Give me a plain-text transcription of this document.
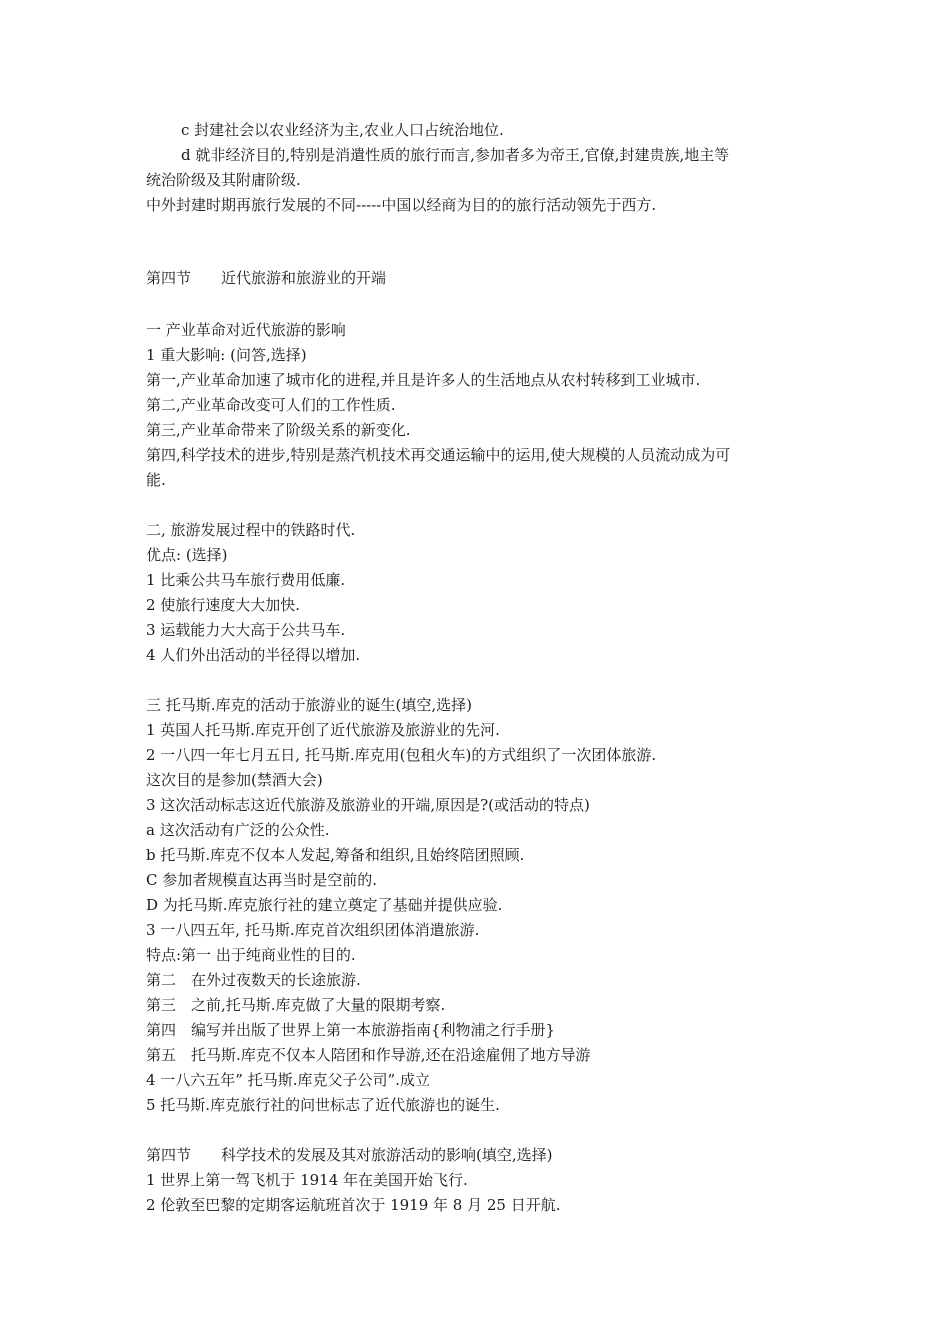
c 封建社会以农业经济为主,农业人口占统治地位.
d 就非经济目的,特别是消遣性质的旅行而言,参加者多为帝王,官僚,封建贵族,地主等
统治阶级及其附庸阶级.
中外封建时期再旅行发展的不同-----中国以经商为目的的旅行活动领先于西方.
第四节　　近代旅游和旅游业的开端
一 产业革命对近代旅游的影响
1 重大影响: (问答,选择)
第一,产业革命加速了城市化的进程,并且是许多人的生活地点从农村转移到工业城市.
第二,产业革命改变可人们的工作性质.
第三,产业革命带来了阶级关系的新变化.
第四,科学技术的进步,特别是蒸汽机技术再交通运输中的运用,使大规模的人员流动成为可
能.
二, 旅游发展过程中的铁路时代.
优点: (选择)
1 比乘公共马车旅行费用低廉.
2 使旅行速度大大加快.
3 运载能力大大高于公共马车.
4 人们外出活动的半径得以增加.
三 托马斯.库克的活动于旅游业的诞生(填空,选择)
1 英国人托马斯.库克开创了近代旅游及旅游业的先河.
2 一八四一年七月五日, 托马斯.库克用(包租火车)的方式组织了一次团体旅游.
这次目的是参加(禁酒大会)
3 这次活动标志这近代旅游及旅游业的开端,原因是?(或活动的特点)
a 这次活动有广泛的公众性.
b 托马斯.库克不仅本人发起,筹备和组织,且始终陪团照顾.
C 参加者规模直达再当时是空前的.
D 为托马斯.库克旅行社的建立奠定了基础并提供应验.
3 一八四五年, 托马斯.库克首次组织团体消遣旅游.
特点:第一 出于纯商业性的目的.
第二　在外过夜数天的长途旅游.
第三　之前,托马斯.库克做了大量的限期考察.
第四　编写并出版了世界上第一本旅游指南{利物浦之行手册}
第五　托马斯.库克不仅本人陪团和作导游,还在沿途雇佣了地方导游
4 一八六五年” 托马斯.库克父子公司”.成立
5 托马斯.库克旅行社的问世标志了近代旅游也的诞生.
第四节　　科学技术的发展及其对旅游活动的影响(填空,选择)
1 世界上第一驾飞机于 1914 年在美国开始飞行.
2 伦敦至巴黎的定期客运航班首次于 1919 年 8 月 25 日开航.
